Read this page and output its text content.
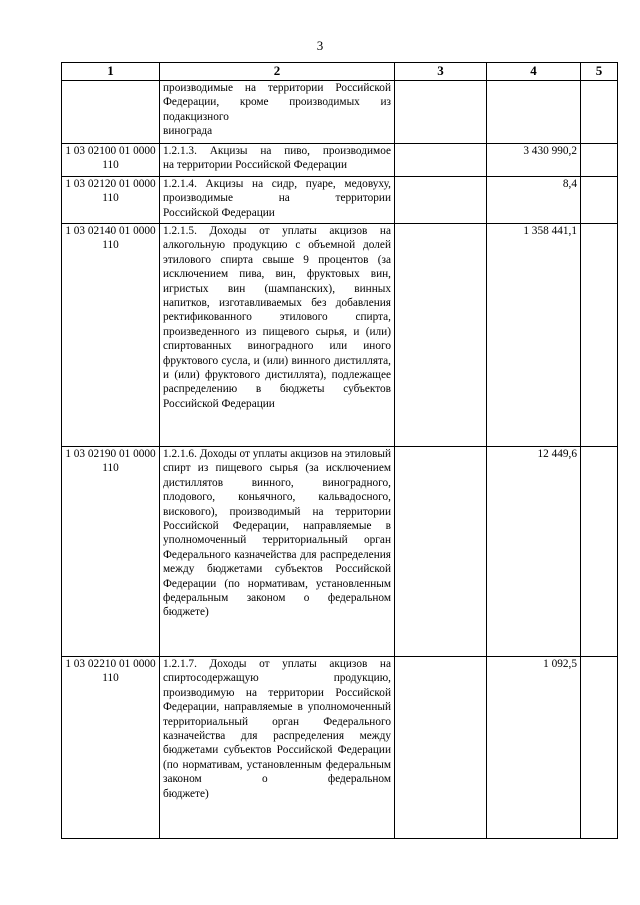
3
1	2	3	4	5
	производимые на территории Российской Федерации, кроме производимых из подакцизного
винограда			

1 03 02100 01 0000 110	1.2.1.3. Акцизы на пиво, производимое
на территории Российской Федерации		3 430 990,2	
1 03 02120 01 0000 110	1.2.1.4. Акцизы на сидр, пуаре, медовуху, производимые на территории
Российской Федерации		8,4	
1 03 02140 01 0000 110	1.2.1.5. Доходы от уплаты акцизов на алкогольную продукцию с объемной долей этилового спирта свыше 9 процентов (за исключением пива, вин, фруктовых вин, игристых вин (шампанских), винных напитков, изготавливаемых без добавления ректификованного этилового спирта, произведенного из пищевого сырья, и (или) спиртованных виноградного или иного фруктового сусла, и (или) винного дистиллята, и (или) фруктового дистиллята), подлежащее распределению в бюджеты субъектов
Российской Федерации		1 358 441,1	
1 03 02190 01 0000 110	1.2.1.6. Доходы от уплаты акцизов на этиловый спирт из пищевого сырья (за исключением дистиллятов винного, виноградного, плодового, коньячного, кальвадосного, вискового), производимый на территории Российской Федерации, направляемые в уполномоченный территориальный орган Федерального казначейства для распределения между бюджетами субъектов Российской Федерации (по нормативам, установленным федеральным законом о федеральном
бюджете)		12 449,6	
1 03 02210 01 0000 110	1.2.1.7. Доходы от уплаты акцизов на спиртосодержащую продукцию, производимую на территории Российской Федерации, направляемые в уполномоченный территориальный орган Федерального казначейства для распределения между бюджетами субъектов Российской Федерации (по нормативам, установленным федеральным законом о федеральном
бюджете)		1 092,5	
